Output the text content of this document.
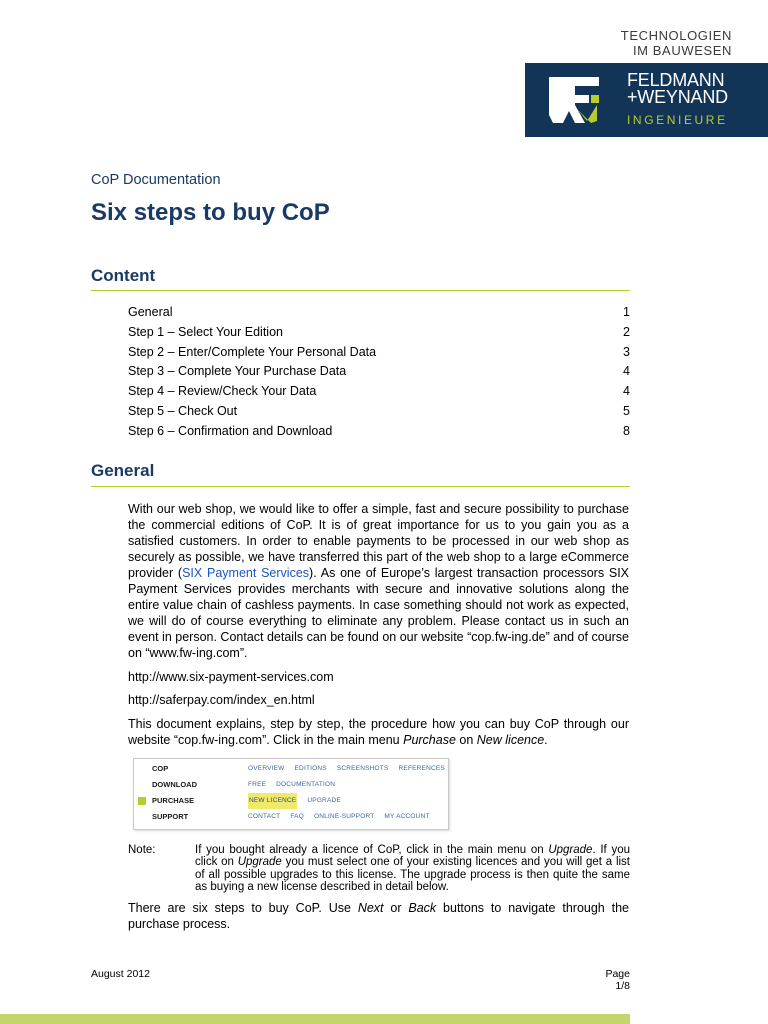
TECHNOLOGIEN
IM BAUWESEN
FELDMANN
+WEYNAND
INGENIEURE
CoP Documentation
Six steps to buy CoP
Content
General	1
Step 1 – Select Your Edition	2
Step 2 – Enter/Complete Your Personal Data	3
Step 3 – Complete Your Purchase Data	4
Step 4 – Review/Check Your Data	4
Step 5 – Check Out	5
Step 6 – Confirmation and Download	8
General

With our web shop, we would like to offer a simple, fast and secure possibility to purchase the commercial editions of CoP. It is of great importance for us to you gain you as a satisfied customers. In order to enable payments to be processed in our web shop as securely as possible, we have transferred this part of the web shop to a large eCommerce provider (SIX Payment Services). As one of Europe’s largest transaction processors SIX Payment Services provides merchants with secure and innovative solutions along the entire value chain of cashless payments. In case something should not work as expected, we will do of course everything to eliminate any problem. Please contact us in such an event in person. Contact details can be found on our website “cop.fw-ing.de” and of course on “www.fw-ing.com”.

http://www.six-payment-services.com
http://saferpay.com/index_en.html

This document explains, step by step, the procedure how you can buy CoP through our website “cop.fw-ing.com”. Click in the main menu Purchase on New licence.

COP	OVERVIEW EDITIONS SCREENSHOTS REFERENCES
DOWNLOAD	FREE DOCUMENTATION
PURCHASE	NEW LICENCE UPGRADE
SUPPORT	CONTACT FAQ ONLINE-SUPPORT MY ACCOUNT
Note:	If you bought already a licence of CoP, click in the main menu on Upgrade. If you click on Upgrade you must select one of your existing licences and you will get a list of all possible upgrades to this license. The upgrade process is then quite the same as buying a new license described in detail below.

There are six steps to buy CoP. Use Next or Back buttons to navigate through the purchase process.

August 2012	Page 1/8
